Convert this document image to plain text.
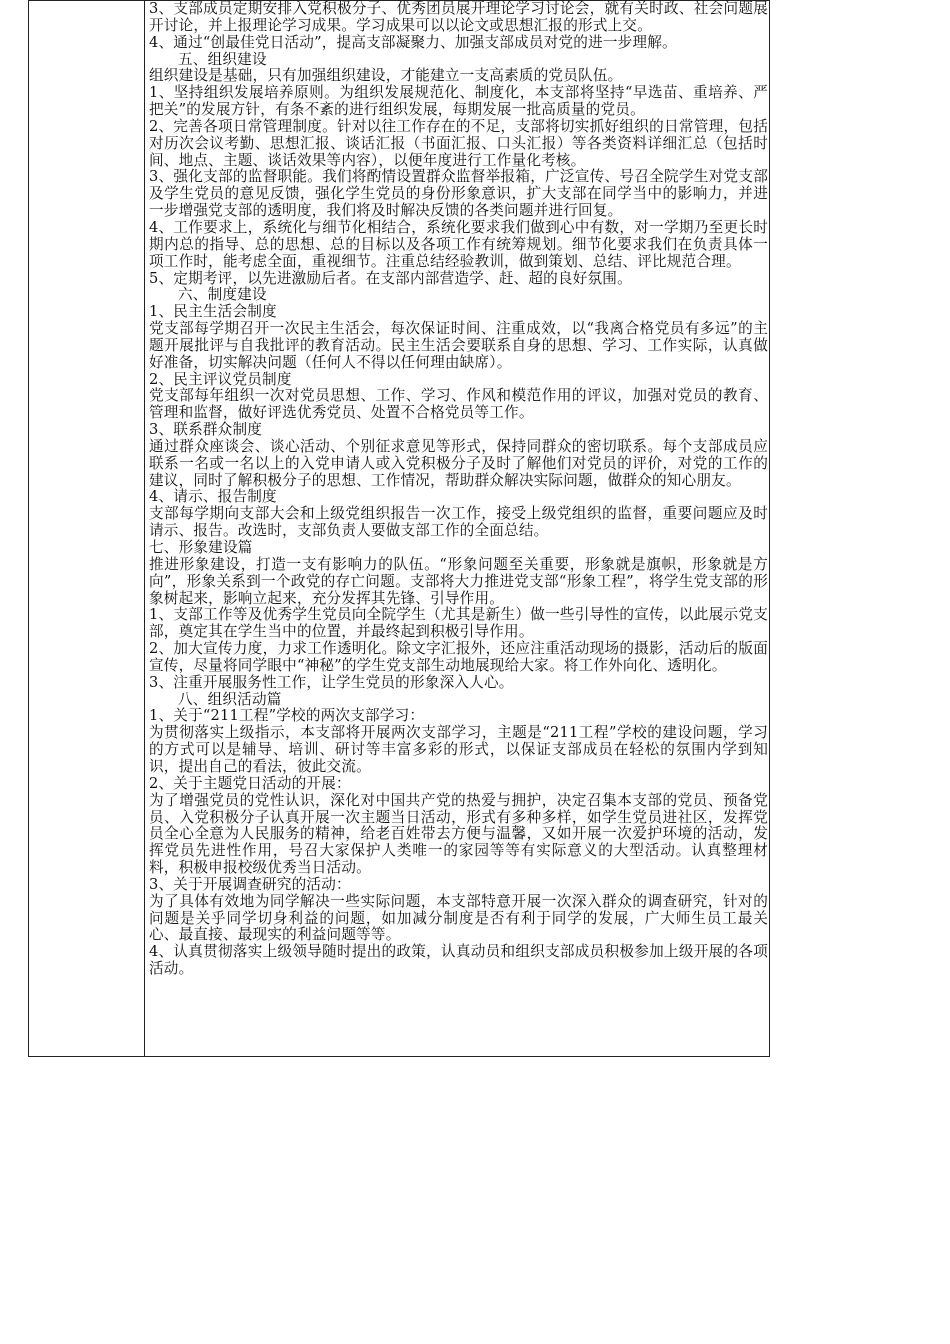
3、支部成员定期安排入党积极分子、优秀团员展开理论学习讨论会，就有关时政、社会问题展开讨论，并上报理论学习成果。学习成果可以以论文或思想汇报的形式上交。

4、通过“创最佳党日活动”，提高支部凝聚力、加强支部成员对党的进一步理解。

五、组织建设

组织建设是基础，只有加强组织建设，才能建立一支高素质的党员队伍。

1、坚持组织发展培养原则。为组织发展规范化、制度化，本支部将坚持“早选苗、重培养、严把关”的发展方针，有条不紊的进行组织发展，每期发展一批高质量的党员。

2、完善各项日常管理制度。针对以往工作存在的不足，支部将切实抓好组织的日常管理，包括对历次会议考勤、思想汇报、谈话汇报（书面汇报、口头汇报）等各类资料详细汇总（包括时间、地点、主题、谈话效果等内容），以便年度进行工作量化考核。

3、强化支部的监督职能。我们将酌情设置群众监督举报箱，广泛宣传、号召全院学生对党支部及学生党员的意见反馈，强化学生党员的身份形象意识，扩大支部在同学当中的影响力，并进一步增强党支部的透明度，我们将及时解决反馈的各类问题并进行回复。

4、工作要求上，系统化与细节化相结合，系统化要求我们做到心中有数，对一学期乃至更长时期内总的指导、总的思想、总的目标以及各项工作有统筹规划。细节化要求我们在负责具体一项工作时，能考虑全面，重视细节。注重总结经验教训，做到策划、总结、评比规范合理。

5、定期考评，以先进激励后者。在支部内部营造学、赶、超的良好氛围。

六、制度建设

1、民主生活会制度

党支部每学期召开一次民主生活会，每次保证时间、注重成效，以“我离合格党员有多远”的主题开展批评与自我批评的教育活动。民主生活会要联系自身的思想、学习、工作实际，认真做好准备，切实解决问题（任何人不得以任何理由缺席）。

2、民主评议党员制度

党支部每年组织一次对党员思想、工作、学习、作风和模范作用的评议，加强对党员的教育、管理和监督，做好评选优秀党员、处置不合格党员等工作。

3、联系群众制度

通过群众座谈会、谈心活动、个别征求意见等形式，保持同群众的密切联系。每个支部成员应联系一名或一名以上的入党申请人或入党积极分子及时了解他们对党员的评价，对党的工作的建议，同时了解积极分子的思想、工作情况，帮助群众解决实际问题，做群众的知心朋友。

4、请示、报告制度

支部每学期向支部大会和上级党组织报告一次工作，接受上级党组织的监督，重要问题应及时请示、报告。改选时，支部负责人要做支部工作的全面总结。

七、形象建设篇

推进形象建设，打造一支有影响力的队伍。“形象问题至关重要，形象就是旗帜，形象就是方向”，形象关系到一个政党的存亡问题。支部将大力推进党支部“形象工程”，将学生党支部的形象树起来，影响立起来，充分发挥其先锋、引导作用。

1、支部工作等及优秀学生党员向全院学生（尤其是新生）做一些引导性的宣传，以此展示党支部，奠定其在学生当中的位置，并最终起到积极引导作用。

2、加大宣传力度，力求工作透明化。除文字汇报外，还应注重活动现场的摄影，活动后的版面宣传，尽量将同学眼中“神秘”的学生党支部生动地展现给大家。将工作外向化、透明化。

3、注重开展服务性工作，让学生党员的形象深入人心。

八、组织活动篇

1、关于“211工程”学校的两次支部学习：

为贯彻落实上级指示，本支部将开展两次支部学习，主题是“211工程”学校的建设问题，学习的方式可以是辅导、培训、研讨等丰富多彩的形式，以保证支部成员在轻松的氛围内学到知识，提出自己的看法，彼此交流。

2、关于主题党日活动的开展：

为了增强党员的党性认识，深化对中国共产党的热爱与拥护，决定召集本支部的党员、预备党员、入党积极分子认真开展一次主题当日活动，形式有多种多样，如学生党员进社区，发挥党员全心全意为人民服务的精神，给老百姓带去方便与温馨，又如开展一次爱护环境的活动，发挥党员先进性作用，号召大家保护人类唯一的家园等等有实际意义的大型活动。认真整理材料，积极申报校级优秀当日活动。

3、关于开展调查研究的活动：

为了具体有效地为同学解决一些实际问题，本支部特意开展一次深入群众的调查研究，针对的问题是关乎同学切身利益的问题，如加减分制度是否有利于同学的发展，广大师生员工最关心、最直接、最现实的利益问题等等。

4、认真贯彻落实上级领导随时提出的政策，认真动员和组织支部成员积极参加上级开展的各项活动。
